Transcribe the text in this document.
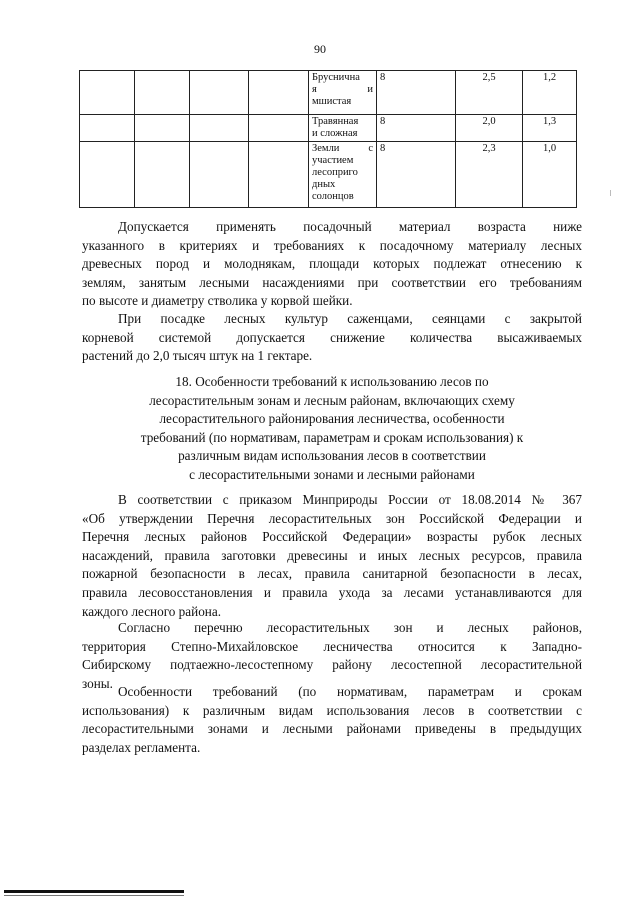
90

				Бруснична
я и
мшистая	8	2,5	1,2

				Травянная
и сложная	8	2,0	1,3

				Земли с
участием
лесоприго
дных
солонцов	8	2,3	1,0
Допускается применять посадочный материал возраста ниже
указанного в критериях и требованиях к посадочному материалу лесных
древесных пород и молоднякам, площади которых подлежат отнесению к
землям, занятым лесными насаждениями при соответствии его требованиям
по высоте и диаметру стволика у корвой шейки.
При посадке лесных культур саженцами, сеянцами с закрытой
корневой системой допускается снижение количества высаживаемых
растений до 2,0 тысяч штук на 1 гектаре.
18. Особенности требований к использованию лесов по
лесорастительным зонам и лесным районам, включающих схему
лесорастительного районирования лесничества, особенности
требований (по нормативам, параметрам и срокам использования) к
различным видам использования лесов в соответствии
с лесорастительными зонами и лесными районами
В соответствии с приказом Минприроды России от 18.08.2014 № 367
«Об утверждении Перечня лесорастительных зон Российской Федерации и
Перечня лесных районов Российской Федерации» возрасты рубок лесных
насаждений, правила заготовки древесины и иных лесных ресурсов, правила
пожарной безопасности в лесах, правила санитарной безопасности в лесах,
правила лесовосстановления и правила ухода за лесами устанавливаются для
каждого лесного района.
Согласно перечню лесорастительных зон и лесных районов,
территория Степно-Михайловское лесничества относится к Западно-
Сибирскому подтаежно-лесостепному району лесостепной лесорастительной
зоны.
Особенности требований (по нормативам, параметрам и срокам
использования) к различным видам использования лесов в соответствии с
лесорастительными зонами и лесными районами приведены в предыдущих
разделах регламента.
